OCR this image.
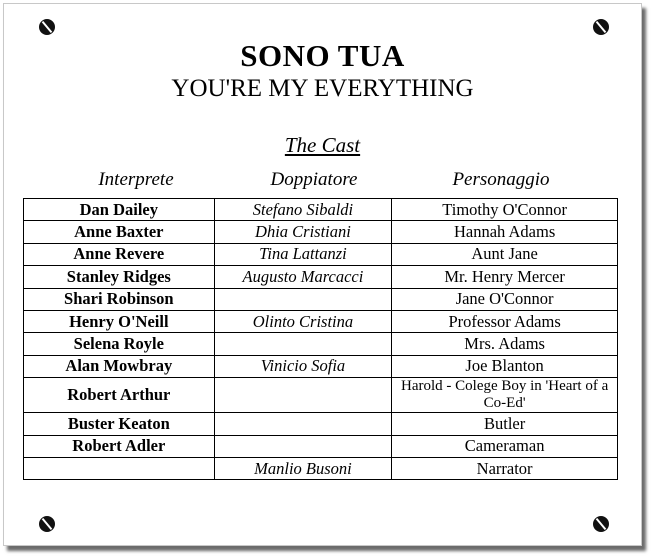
SONO TUA
YOU'RE MY EVERYTHING
The Cast
Interprete	Doppiatore	Personaggio
Dan Dailey	Stefano Sibaldi	Timothy O'Connor
Anne Baxter	Dhia Cristiani	Hannah Adams
Anne Revere	Tina Lattanzi	Aunt Jane
Stanley Ridges	Augusto Marcacci	Mr. Henry Mercer
Shari Robinson		Jane O'Connor
Henry O'Neill	Olinto Cristina	Professor Adams
Selena Royle		Mrs. Adams
Alan Mowbray	Vinicio Sofia	Joe Blanton
Robert Arthur		Harold - Colege Boy in 'Heart of a Co-Ed'
Buster Keaton		Butler
Robert Adler		Cameraman
	Manlio Busoni	Narrator
